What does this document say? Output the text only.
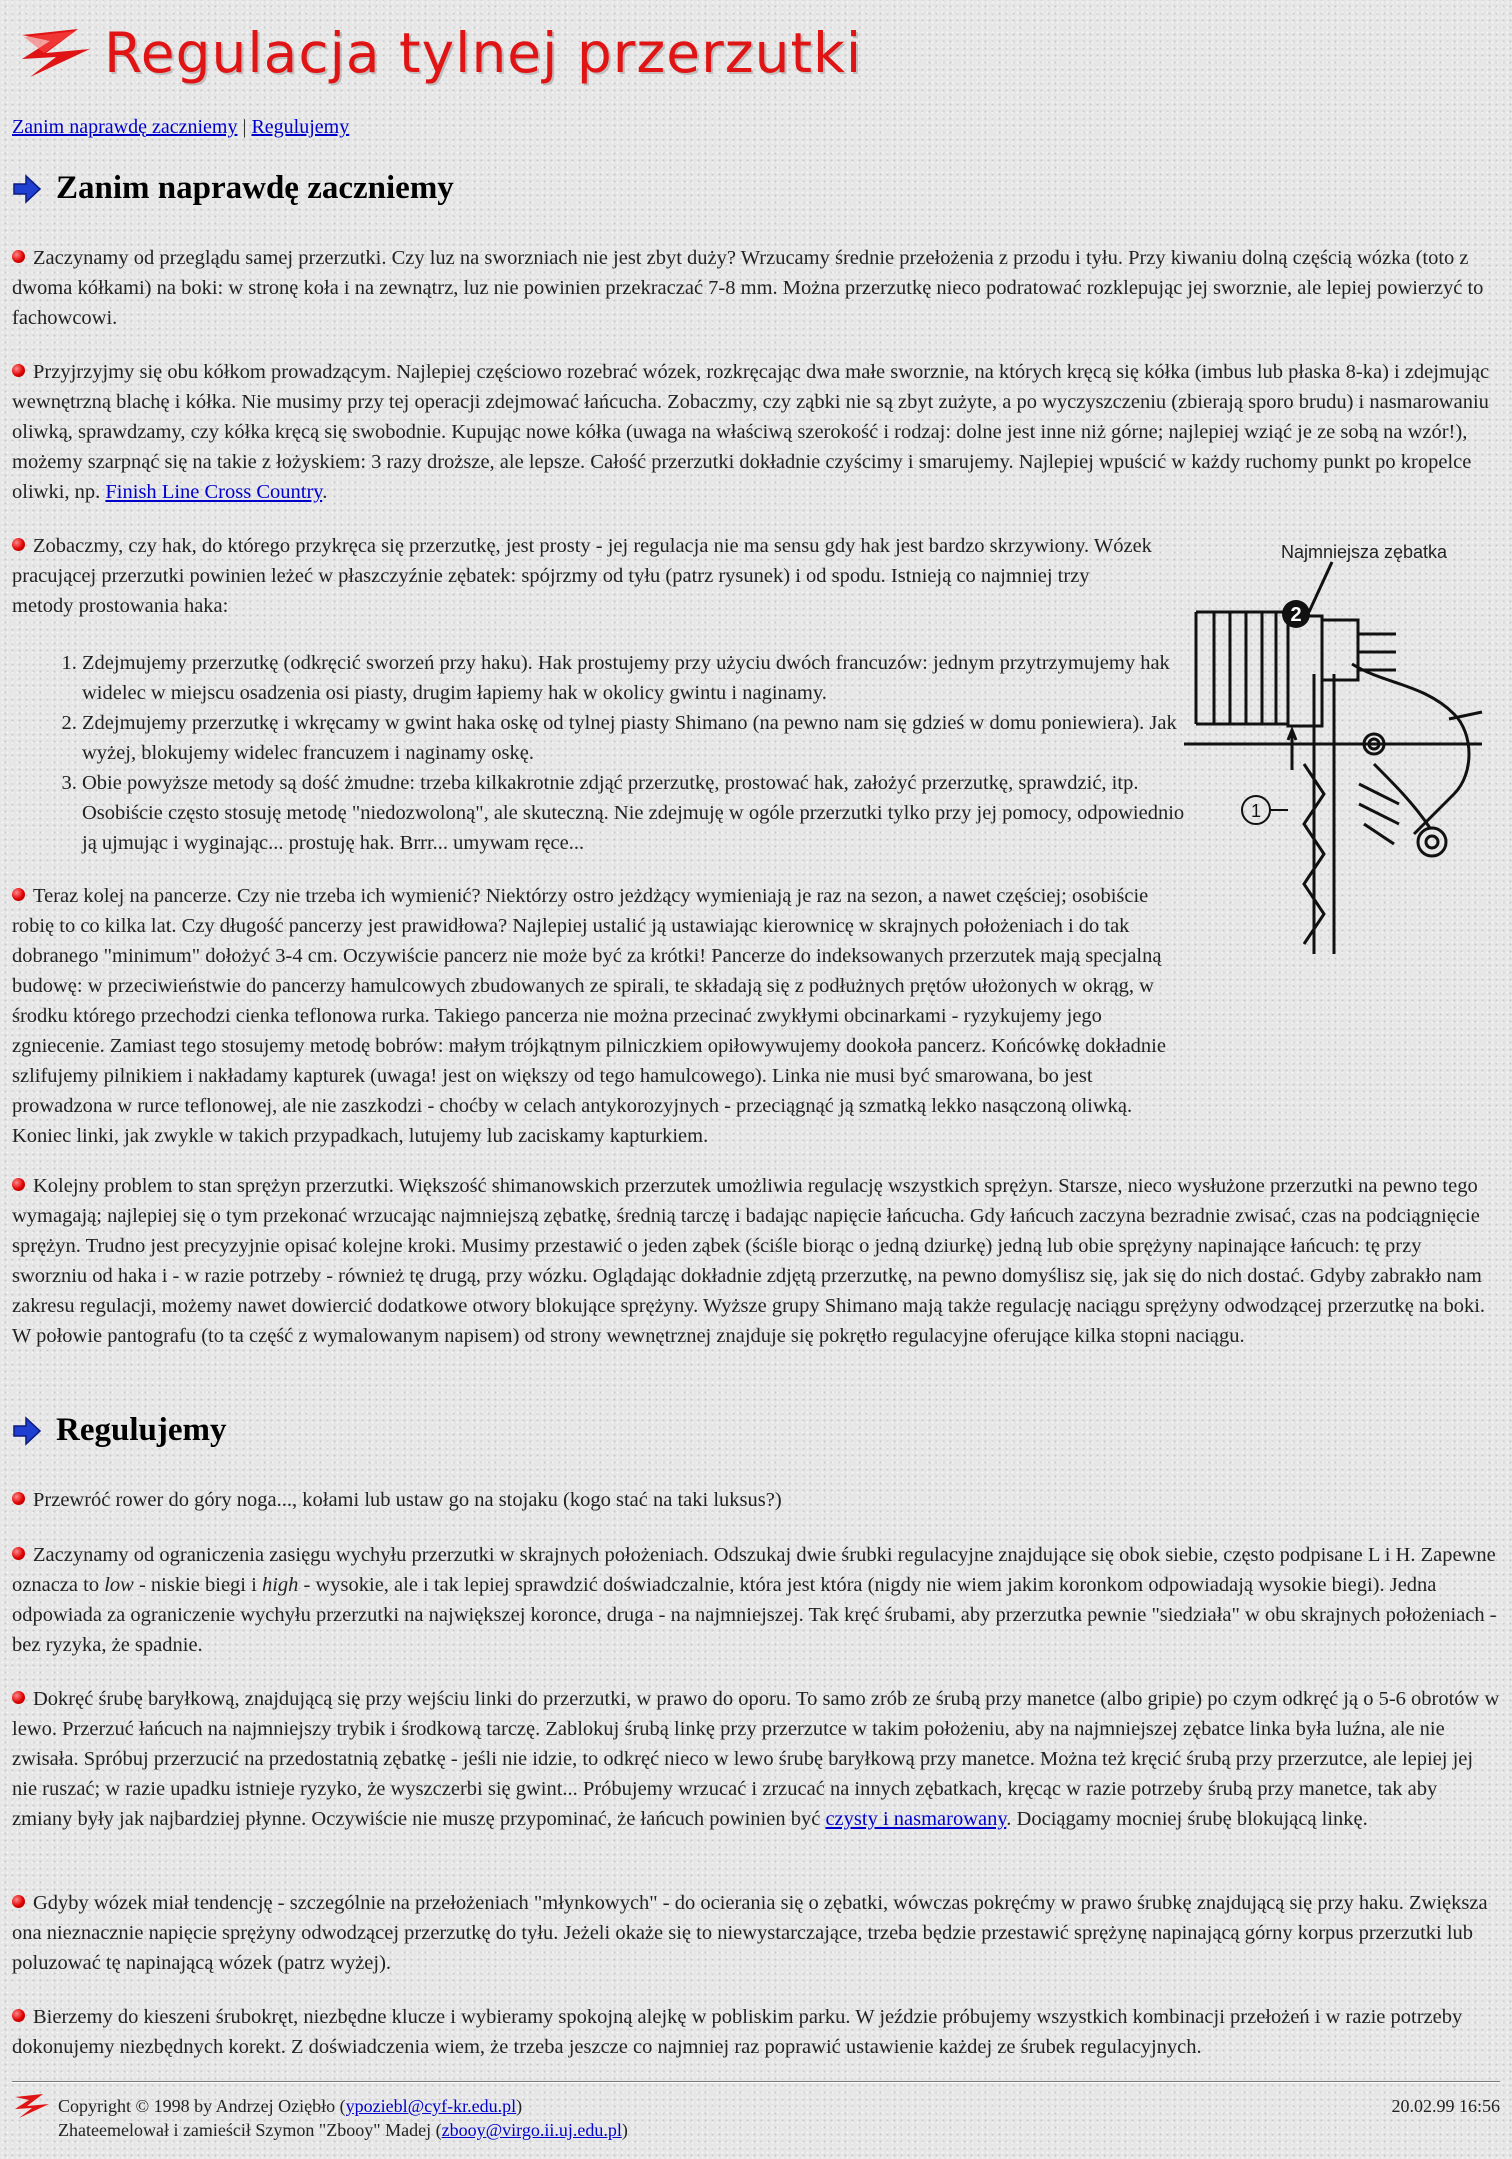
Regulacja tylnej przerzutki
Zanim naprawdę zaczniemy | Regulujemy
Zanim naprawdę zaczniemy

Zaczynamy od przeglądu samej przerzutki. Czy luz na sworzniach nie jest zbyt duży? Wrzucamy średnie przełożenia z przodu i tyłu. Przy kiwaniu dolną częścią wózka (toto z dwoma kółkami) na boki: w stronę koła i na zewnątrz, luz nie powinien przekraczać 7-8 mm. Można przerzutkę nieco podratować rozklepując jej sworznie, ale lepiej powierzyć to fachowcowi.

Przyjrzyjmy się obu kółkom prowadzącym. Najlepiej częściowo rozebrać wózek, rozkręcając dwa małe sworznie, na których kręcą się kółka (imbus lub płaska 8-ka) i zdejmując wewnętrzną blachę i kółka. Nie musimy przy tej operacji zdejmować łańcucha. Zobaczmy, czy ząbki nie są zbyt zużyte, a po wyczyszczeniu (zbierają sporo brudu) i nasmarowaniu oliwką, sprawdzamy, czy kółka kręcą się swobodnie. Kupując nowe kółka (uwaga na właściwą szerokość i rodzaj: dolne jest inne niż górne; najlepiej wziąć je ze sobą na wzór!), możemy szarpnąć się na takie z łożyskiem: 3 razy droższe, ale lepsze. Całość przerzutki dokładnie czyścimy i smarujemy. Najlepiej wpuścić w każdy ruchomy punkt po kropelce oliwki, np. Finish Line Cross Country.

Zobaczmy, czy hak, do którego przykręca się przerzutkę, jest prosty - jej regulacja nie ma sensu gdy hak jest bardzo skrzywiony. Wózek pracującej przerzutki powinien leżeć w płaszczyźnie zębatek: spójrzmy od tyłu (patrz rysunek) i od spodu. Istnieją co najmniej trzy metody prostowania haka:

1. Zdejmujemy przerzutkę (odkręcić sworzeń przy haku). Hak prostujemy przy użyciu dwóch francuzów: jednym przytrzymujemy hak widelec w miejscu osadzenia osi piasty, drugim łapiemy hak w okolicy gwintu i naginamy.
2. Zdejmujemy przerzutkę i wkręcamy w gwint haka oskę od tylnej piasty Shimano (na pewno nam się gdzieś w domu poniewiera). Jak wyżej, blokujemy widelec francuzem i naginamy oskę.
3. Obie powyższe metody są dość żmudne: trzeba kilkakrotnie zdjąć przerzutkę, prostować hak, założyć przerzutkę, sprawdzić, itp. Osobiście często stosuję metodę "niedozwoloną", ale skuteczną. Nie zdejmuję w ogóle przerzutki tylko przy jej pomocy, odpowiednio ją ujmując i wyginając... prostuję hak. Brrr... umywam ręce...
Najmniejsza zębatka
2
1

Teraz kolej na pancerze. Czy nie trzeba ich wymienić? Niektórzy ostro jeżdżący wymieniają je raz na sezon, a nawet częściej; osobiście robię to co kilka lat. Czy długość pancerzy jest prawidłowa? Najlepiej ustalić ją ustawiając kierownicę w skrajnych położeniach i do tak dobranego "minimum" dołożyć 3-4 cm. Oczywiście pancerz nie może być za krótki! Pancerze do indeksowanych przerzutek mają specjalną budowę: w przeciwieństwie do pancerzy hamulcowych zbudowanych ze spirali, te składają się z podłużnych prętów ułożonych w okrąg, w środku którego przechodzi cienka teflonowa rurka. Takiego pancerza nie można przecinać zwykłymi obcinarkami - ryzykujemy jego zgniecenie. Zamiast tego stosujemy metodę bobrów: małym trójkątnym pilniczkiem opiłowywujemy dookoła pancerz. Końcówkę dokładnie szlifujemy pilnikiem i nakładamy kapturek (uwaga! jest on większy od tego hamulcowego). Linka nie musi być smarowana, bo jest prowadzona w rurce teflonowej, ale nie zaszkodzi - choćby w celach antykorozyjnych - przeciągnąć ją szmatką lekko nasączoną oliwką. Koniec linki, jak zwykle w takich przypadkach, lutujemy lub zaciskamy kapturkiem.

Kolejny problem to stan sprężyn przerzutki. Większość shimanowskich przerzutek umożliwia regulację wszystkich sprężyn. Starsze, nieco wysłużone przerzutki na pewno tego wymagają; najlepiej się o tym przekonać wrzucając najmniejszą zębatkę, średnią tarczę i badając napięcie łańcucha. Gdy łańcuch zaczyna bezradnie zwisać, czas na podciągnięcie sprężyn. Trudno jest precyzyjnie opisać kolejne kroki. Musimy przestawić o jeden ząbek (ściśle biorąc o jedną dziurkę) jedną lub obie sprężyny napinające łańcuch: tę przy sworzniu od haka i - w razie potrzeby - również tę drugą, przy wózku. Oglądając dokładnie zdjętą przerzutkę, na pewno domyślisz się, jak się do nich dostać. Gdyby zabrakło nam zakresu regulacji, możemy nawet dowiercić dodatkowe otwory blokujące sprężyny. Wyższe grupy Shimano mają także regulację naciągu sprężyny odwodzącej przerzutkę na boki. W połowie pantografu (to ta część z wymalowanym napisem) od strony wewnętrznej znajduje się pokrętło regulacyjne oferujące kilka stopni naciągu.

Regulujemy

Przewróć rower do góry noga..., kołami lub ustaw go na stojaku (kogo stać na taki luksus?)

Zaczynamy od ograniczenia zasięgu wychyłu przerzutki w skrajnych położeniach. Odszukaj dwie śrubki regulacyjne znajdujące się obok siebie, często podpisane L i H. Zapewne oznacza to low - niskie biegi i high - wysokie, ale i tak lepiej sprawdzić doświadczalnie, która jest która (nigdy nie wiem jakim koronkom odpowiadają wysokie biegi). Jedna odpowiada za ograniczenie wychyłu przerzutki na największej koronce, druga - na najmniejszej. Tak kręć śrubami, aby przerzutka pewnie "siedziała" w obu skrajnych położeniach - bez ryzyka, że spadnie.

Dokręć śrubę baryłkową, znajdującą się przy wejściu linki do przerzutki, w prawo do oporu. To samo zrób ze śrubą przy manetce (albo gripie) po czym odkręć ją o 5-6 obrotów w lewo. Przerzuć łańcuch na najmniejszy trybik i środkową tarczę. Zablokuj śrubą linkę przy przerzutce w takim położeniu, aby na najmniejszej zębatce linka była luźna, ale nie zwisała. Spróbuj przerzucić na przedostatnią zębatkę - jeśli nie idzie, to odkręć nieco w lewo śrubę baryłkową przy manetce. Można też kręcić śrubą przy przerzutce, ale lepiej jej nie ruszać; w razie upadku istnieje ryzyko, że wyszczerbi się gwint... Próbujemy wrzucać i zrzucać na innych zębatkach, kręcąc w razie potrzeby śrubą przy manetce, tak aby zmiany były jak najbardziej płynne. Oczywiście nie muszę przypominać, że łańcuch powinien być czysty i nasmarowany. Dociągamy mocniej śrubę blokującą linkę.

Gdyby wózek miał tendencję - szczególnie na przełożeniach "młynkowych" - do ocierania się o zębatki, wówczas pokręćmy w prawo śrubkę znajdującą się przy haku. Zwiększa ona nieznacznie napięcie sprężyny odwodzącej przerzutkę do tyłu. Jeżeli okaże się to niewystarczające, trzeba będzie przestawić sprężynę napinającą górny korpus przerzutki lub poluzować tę napinającą wózek (patrz wyżej).

Bierzemy do kieszeni śrubokręt, niezbędne klucze i wybieramy spokojną alejkę w pobliskim parku. W jeździe próbujemy wszystkich kombinacji przełożeń i w razie potrzeby dokonujemy niezbędnych korekt. Z doświadczenia wiem, że trzeba jeszcze co najmniej raz poprawić ustawienie każdej ze śrubek regulacyjnych.

Copyright © 1998 by Andrzej Oziębło (ypoziebl@cyf-kr.edu.pl)
Zhateemelował i zamieścił Szymon "Zbooy" Madej (zbooy@virgo.ii.uj.edu.pl)
20.02.99 16:56
